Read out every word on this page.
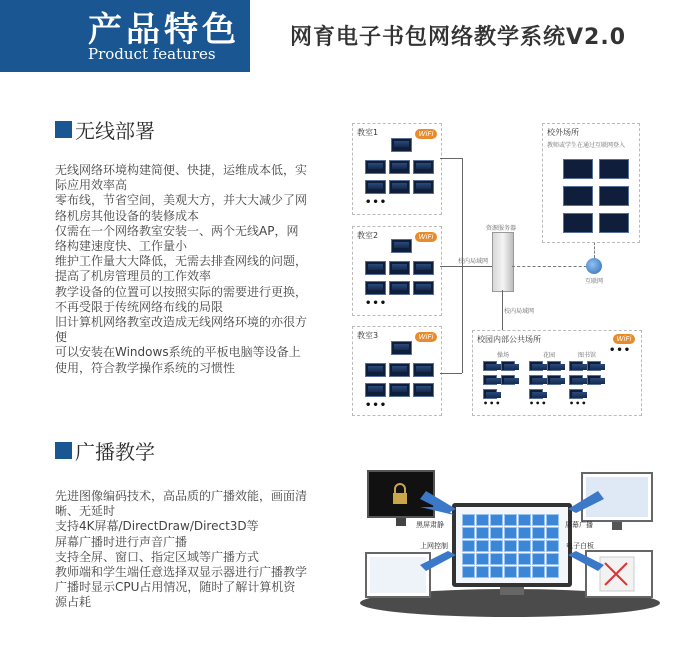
产品特色
Product features
网育电子书包网络教学系统V2.0
无线部署
无线网络环境构建简便、快捷，运维成本低，实
际应用效率高
零布线，节省空间，美观大方，并大大减少了网
络机房其他设备的装修成本
仅需在一个网络教室安装一、两个无线AP，网
络构建速度快、工作量小
维护工作量大大降低，无需去排查网线的问题，
提高了机房管理员的工作效率
教学设备的位置可以按照实际的需要进行更换，
不再受限于传统网络布线的局限
旧计算机网络教室改造成无线网络环境的亦很方
便
可以安装在Windows系统的平板电脑等设备上
使用，符合教学操作系统的习惯性
教室1	WiFi
•••
教室2	WiFi
•••
教室3	WiFi
•••
校内局域网
资源服务器
校内局域网
互联网
校外场所
教师或学生在通过互联网登入
校园内部公共场所	WiFi
•••
操场	花园	图书馆
•••	•••	•••
广播教学
先进图像编码技术，高品质的广播效能，画面清
晰、无延时
支持4K屏幕/DirectDraw/Direct3D等
屏幕广播时进行声音广播
支持全屏、窗口、指定区域等广播方式
教师端和学生端任意选择双显示器进行广播教学
广播时显示CPU占用情况，随时了解计算机资
源占耗
黑屏肃静	屏幕广播
上网控制	电子白板
